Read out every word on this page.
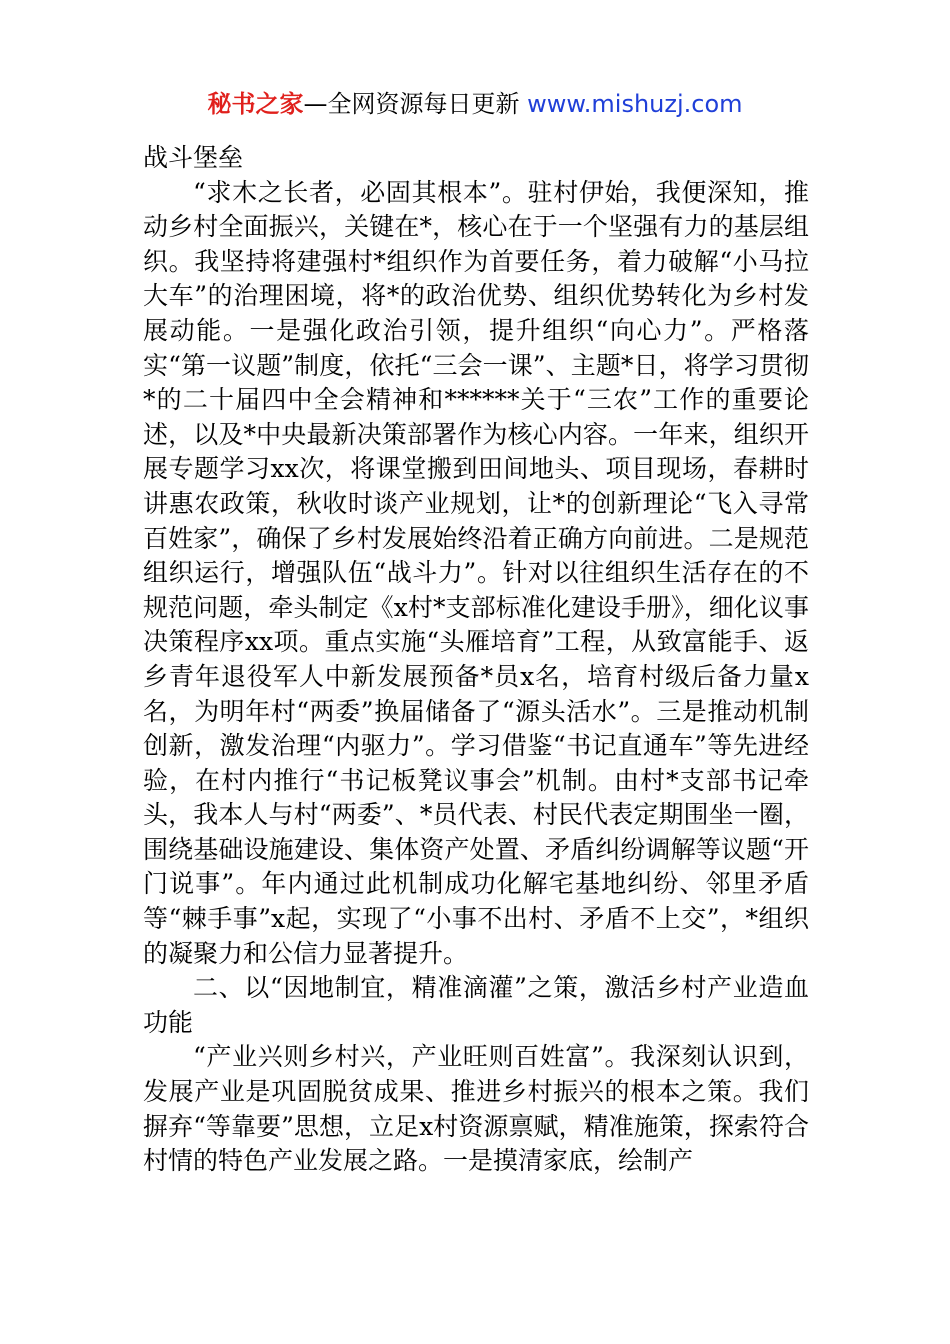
秘书之家—全网资源每日更新 www.mishuzj.com

战斗堡垒

“求木之长者，必固其根本”。驻村伊始，我便深知，推动乡村全面振兴，关键在*，核心在于一个坚强有力的基层组织。我坚持将建强村*组织作为首要任务，着力破解“小马拉大车”的治理困境，将*的政治优势、组织优势转化为乡村发展动能。一是强化政治引领，提升组织“向心力”。严格落实“第一议题”制度，依托“三会一课”、主题*日，将学习贯彻*的二十届四中全会精神和******关于“三农”工作的重要论述，以及*中央最新决策部署作为核心内容。一年来，组织开展专题学习xx次，将课堂搬到田间地头、项目现场，春耕时讲惠农政策，秋收时谈产业规划，让*的创新理论“飞入寻常百姓家”，确保了乡村发展始终沿着正确方向前进。二是规范组织运行，增强队伍“战斗力”。针对以往组织生活存在的不规范问题，牵头制定《x村*支部标准化建设手册》，细化议事决策程序xx项。重点实施“头雁培育”工程，从致富能手、返乡青年退役军人中新发展预备*员x名，培育村级后备力量x名，为明年村“两委”换届储备了“源头活水”。三是推动机制创新，激发治理“内驱力”。学习借鉴“书记直通车”等先进经验，在村内推行“书记板凳议事会”机制。由村*支部书记牵头，我本人与村“两委”、*员代表、村民代表定期围坐一圈，围绕基础设施建设、集体资产处置、矛盾纠纷调解等议题“开门说事”。年内通过此机制成功化解宅基地纠纷、邻里矛盾等“棘手事”x起，实现了“小事不出村、矛盾不上交”，*组织的凝聚力和公信力显著提升。

二、以“因地制宜，精准滴灌”之策，激活乡村产业造血功能

“产业兴则乡村兴，产业旺则百姓富”。我深刻认识到，发展产业是巩固脱贫成果、推进乡村振兴的根本之策。我们摒弃“等靠要”思想，立足x村资源禀赋，精准施策，探索符合村情的特色产业发展之路。一是摸清家底，绘制产
